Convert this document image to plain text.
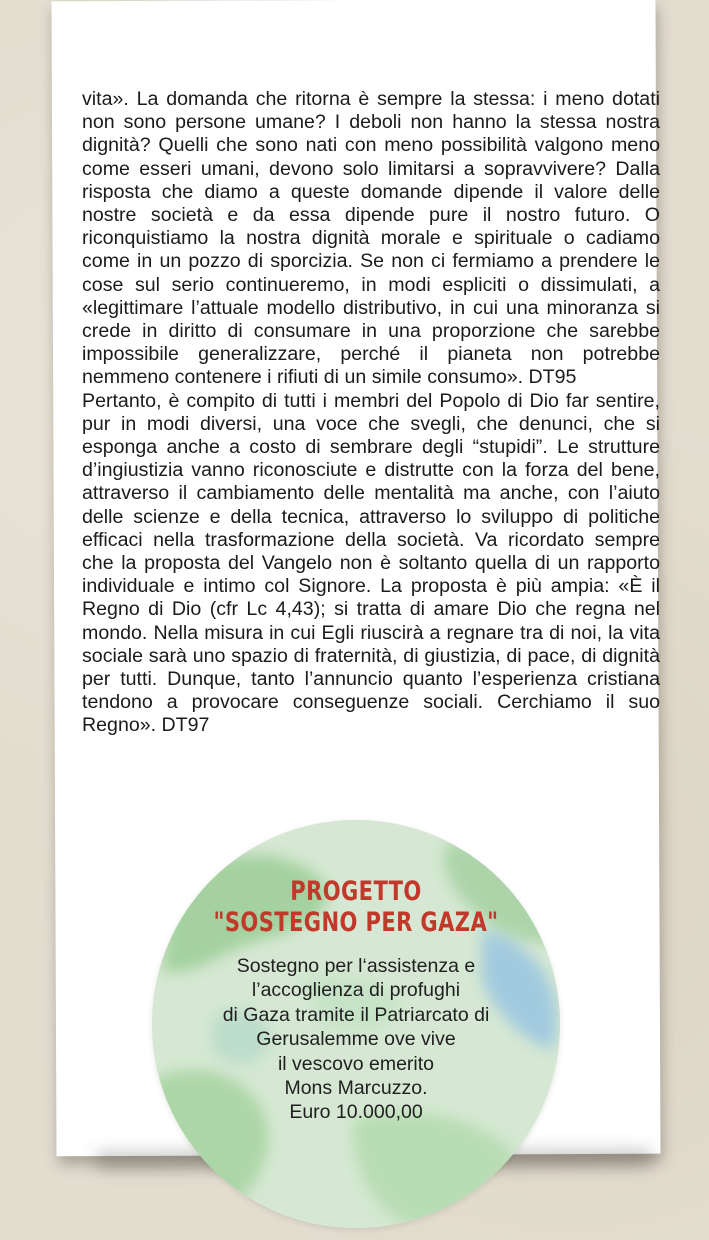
vita». La domanda che ritorna è sempre la stessa: i meno dotati non sono persone umane? I deboli non hanno la stessa nostra dignità? Quelli che sono nati con meno possibilità valgono meno come esseri umani, devono solo limitarsi a sopravvivere? Dalla risposta che diamo a queste domande dipende il valore delle nostre società e da essa dipende pure il nostro futuro. O riconquistiamo la nostra dignità morale e spirituale o cadiamo come in un pozzo di sporcizia. Se non ci fermiamo a prendere le cose sul serio continueremo, in modi espliciti o dissimulati, a «legittimare l’attuale modello distributivo, in cui una minoranza si crede in diritto di consumare in una proporzione che sarebbe impossibile generalizzare, perché il pianeta non potrebbe nemmeno contenere i rifiuti di un simile consumo». DT95

Pertanto, è compito di tutti i membri del Popolo di Dio far sentire, pur in modi diversi, una voce che svegli, che denunci, che si esponga anche a costo di sembrare degli “stupidi”. Le strutture d’ingiustizia vanno riconosciute e distrutte con la forza del bene, attraverso il cambiamento delle mentalità ma anche, con l’aiuto delle scienze e della tecnica, attraverso lo sviluppo di politiche efficaci nella trasformazione della società. Va ricordato sempre che la proposta del Vangelo non è soltanto quella di un rapporto individuale e intimo col Signore. La proposta è più ampia: «È il Regno di Dio (cfr Lc 4,43); si tratta di amare Dio che regna nel mondo. Nella misura in cui Egli riuscirà a regnare tra di noi, la vita sociale sarà uno spazio di fraternità, di giustizia, di pace, di dignità per tutti. Dunque, tanto l’annuncio quanto l’esperienza cristiana tendono a provocare conseguenze sociali. Cerchiamo il suo Regno». DT97

PROGETTO
"SOSTEGNO PER GAZA"
Sostegno per l‘assistenza e
l’accoglienza di profughi
di Gaza tramite il Patriarcato di
Gerusalemme ove vive
il vescovo emerito
Mons Marcuzzo.
Euro 10.000,00
